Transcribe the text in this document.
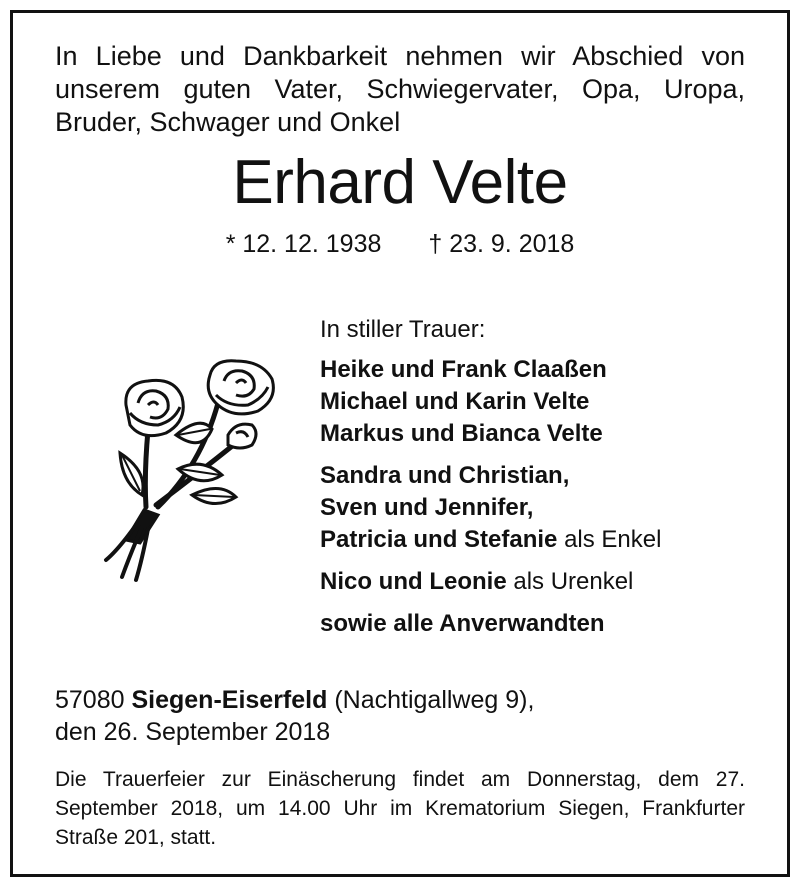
In Liebe und Dankbarkeit nehmen wir Abschied von unserem guten Vater, Schwiegervater, Opa, Uropa, Bruder, Schwager und Onkel
Erhard Velte
* 12. 12. 1938 † 23. 9. 2018
In stiller Trauer:
Heike und Frank Claaßen
Michael und Karin Velte
Markus und Bianca Velte
Sandra und Christian,
Sven und Jennifer,
Patricia und Stefanie als Enkel
Nico und Leonie als Urenkel
sowie alle Anverwandten
57080 Siegen-Eiserfeld (Nachtigallweg 9),
den 26. September 2018
Die Trauerfeier zur Einäscherung findet am Donnerstag, dem 27. September 2018, um 14.00 Uhr im Krematorium Siegen, Frankfurter Straße 201, statt.
